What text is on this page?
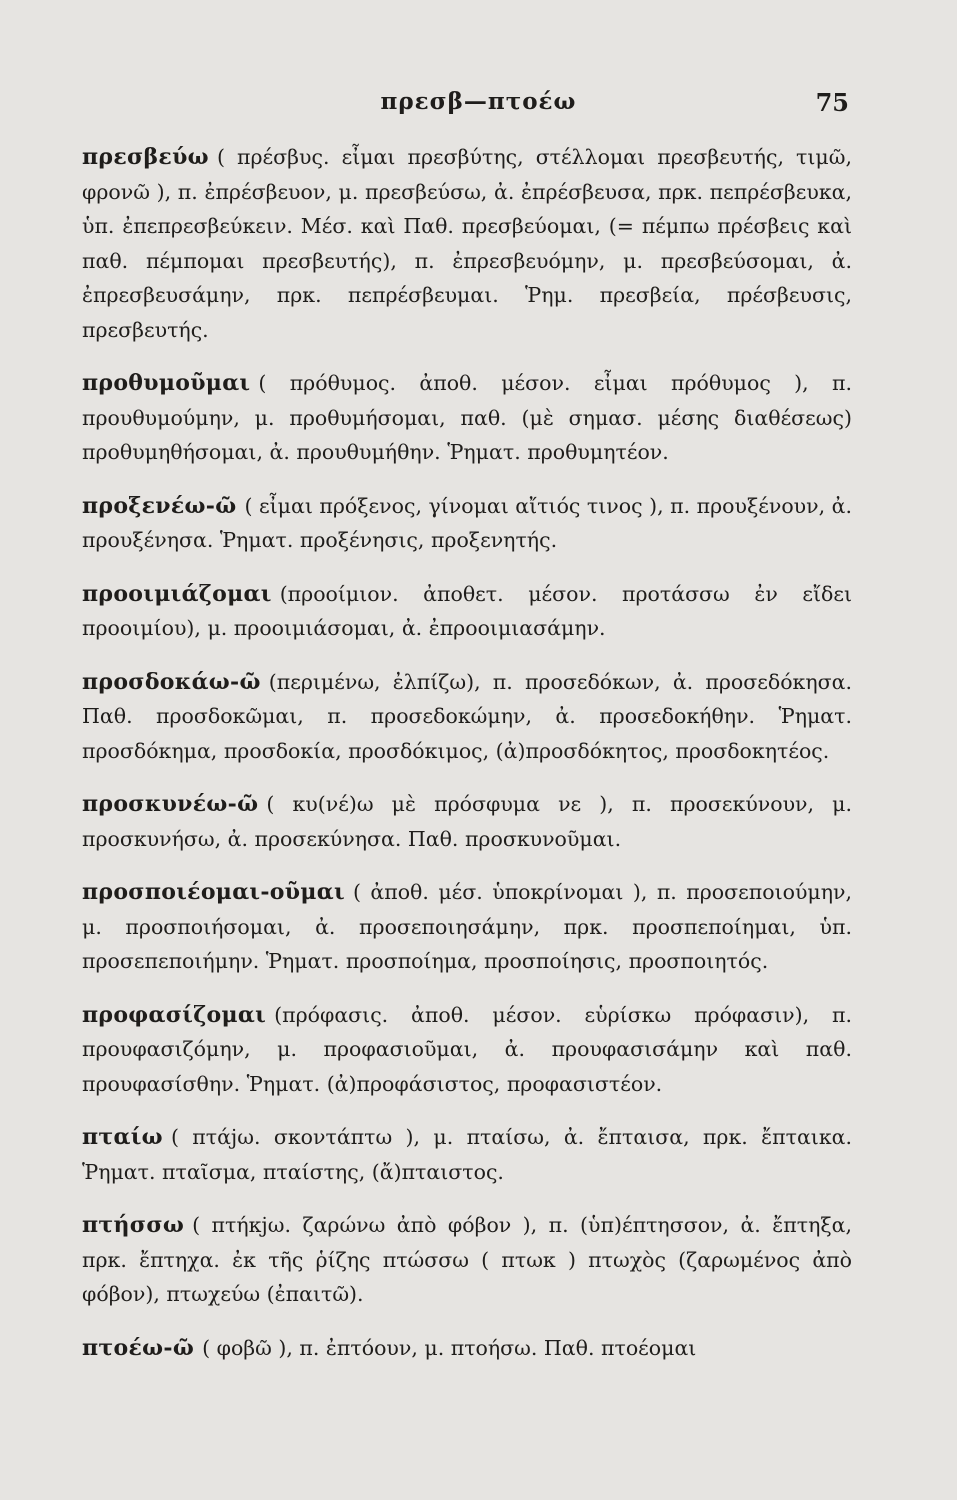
πρεσβ—πτοέω	75

πρεσβεύω ( πρέσβυς. εἶμαι πρεσβύτης, στέλλομαι πρεσβευτής, τιμῶ, φρονῶ ), π. ἐπρέσβευον, μ. πρεσβεύσω, ἀ. ἐπρέσβευσα, πρκ. πεπρέσβευκα, ὑπ. ἐπεπρεσβεύκειν. Μέσ. καὶ Παθ. πρεσβεύομαι, (= πέμπω πρέσβεις καὶ παθ. πέμπομαι πρεσβευτής), π. ἐπρεσβευόμην, μ. πρεσβεύσομαι, ἀ. ἐπρεσβευσάμην, πρκ. πεπρέσβευμαι. Ῥημ. πρεσβεία, πρέσβευσις, πρεσβευτής.

προθυμοῦμαι ( πρόθυμος. ἀποθ. μέσον. εἶμαι πρόθυμος ), π. προυθυμούμην, μ. προθυμήσομαι, παθ. (μὲ σημασ. μέσης διαθέσεως) προθυμηθήσομαι, ἀ. προυθυμήθην. Ῥηματ. προθυμητέον.

προξενέω-ῶ ( εἶμαι πρόξενος, γίνομαι αἴτιός τινος ), π. προυξένουν, ἀ. προυξένησα. Ῥηματ. προξένησις, προξενητής.

προοιμιάζομαι (προοίμιον. ἀποθετ. μέσον. προτάσσω ἐν εἴδει προοιμίου), μ. προοιμιάσομαι, ἀ. ἐπροοιμιασάμην.

προσδοκάω-ῶ (περιμένω, ἐλπίζω), π. προσεδόκων, ἀ. προσεδόκησα. Παθ. προσδοκῶμαι, π. προσεδοκώμην, ἀ. προσεδοκήθην. Ῥηματ. προσδόκημα, προσδοκία, προσδόκιμος, (ἀ)προσδόκητος, προσδοκητέος.

προσκυνέω-ῶ ( κυ(νέ)ω μὲ πρόσφυμα νε ), π. προσεκύνουν, μ. προσκυνήσω, ἀ. προσεκύνησα. Παθ. προσκυνοῦμαι.

προσποιέομαι-οῦμαι ( ἀποθ. μέσ. ὑποκρίνομαι ), π. προσεποιούμην, μ. προσποιήσομαι, ἀ. προσεποιησάμην, πρκ. προσπεποίημαι, ὑπ. προσεπεποιήμην. Ῥηματ. προσποίημα, προσποίησις, προσποιητός.

προφασίζομαι (πρόφασις. ἀποθ. μέσον. εὑρίσκω πρόφασιν), π. προυφασιζόμην, μ. προφασιοῦμαι, ἀ. προυφασισάμην καὶ παθ. προυφασίσθην. Ῥηματ. (ἀ)προφάσιστος, προφασιστέον.

πταίω ( πτάjω. σκοντάπτω ), μ. πταίσω, ἀ. ἔπταισα, πρκ. ἔπταικα. Ῥηματ. πταῖσμα, πταίστης, (ἄ)πταιστος.

πτήσσω ( πτήκjω. ζαρώνω ἀπὸ φόβον ), π. (ὑπ)έπτησσον, ἀ. ἔπτηξα, πρκ. ἔπτηχα. ἐκ τῆς ῥίζης πτώσσω ( πτωκ ) πτωχὸς (ζαρωμένος ἀπὸ φόβον), πτωχεύω (ἐπαιτῶ).

πτοέω-ῶ ( φοβῶ ), π. ἐπτόουν, μ. πτοήσω. Παθ. πτοέομαι
